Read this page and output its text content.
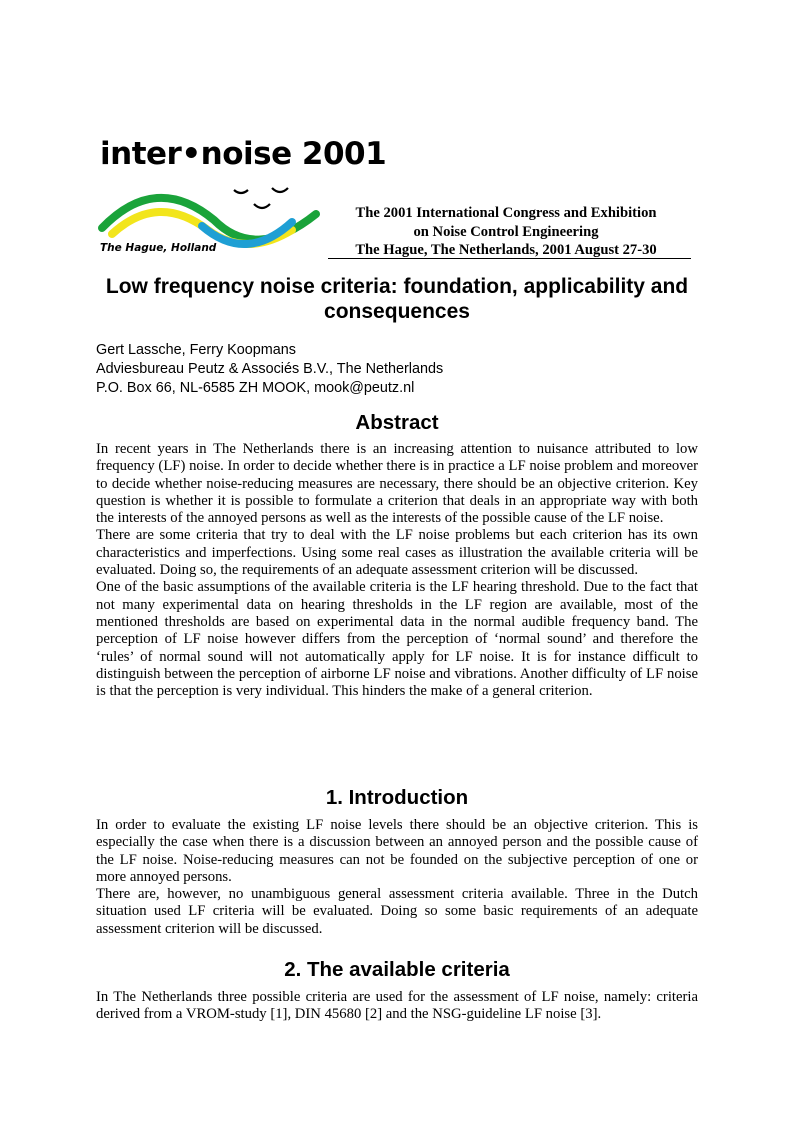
inter•noise 2001
The Hague, Holland
The 2001 International Congress and Exhibition
on Noise Control Engineering
The Hague, The Netherlands, 2001 August 27-30
Low frequency noise criteria: foundation, applicability and consequences
Gert Lassche, Ferry Koopmans
Adviesbureau Peutz & Associés B.V., The Netherlands
P.O. Box 66, NL-6585 ZH MOOK, mook@peutz.nl
Abstract

In recent years in The Netherlands there is an increasing attention to nuisance attributed to low frequency (LF) noise. In order to decide whether there is in practice a LF noise problem and moreover to decide whether noise-reducing measures are necessary, there should be an objective criterion. Key question is whether it is possible to formulate a criterion that deals in an appropriate way with both the interests of the annoyed persons as well as the interests of the possible cause of the LF noise.

There are some criteria that try to deal with the LF noise problems but each criterion has its own characteristics and imperfections. Using some real cases as illustration the available criteria will be evaluated. Doing so, the requirements of an adequate assessment criterion will be discussed.

One of the basic assumptions of the available criteria is the LF hearing threshold. Due to the fact that not many experimental data on hearing thresholds in the LF region are available, most of the mentioned thresholds are based on experimental data in the normal audible frequency band. The perception of LF noise however differs from the perception of ‘normal sound’ and therefore the ‘rules’ of normal sound will not automatically apply for LF noise. It is for instance difficult to distinguish between the perception of airborne LF noise and vibrations. Another difficulty of LF noise is that the perception is very individual. This hinders the make of a general criterion.

1. Introduction

In order to evaluate the existing LF noise levels there should be an objective criterion. This is especially the case when there is a discussion between an annoyed person and the possible cause of the LF noise. Noise-reducing measures can not be founded on the subjective perception of one or more annoyed persons.

There are, however, no unambiguous general assessment criteria available. Three in the Dutch situation used LF criteria will be evaluated. Doing so some basic requirements of an adequate assessment criterion will be discussed.

2. The available criteria

In The Netherlands three possible criteria are used for the assessment of LF noise, namely: criteria derived from a VROM-study [1], DIN 45680 [2] and the NSG-guideline LF noise [3].
